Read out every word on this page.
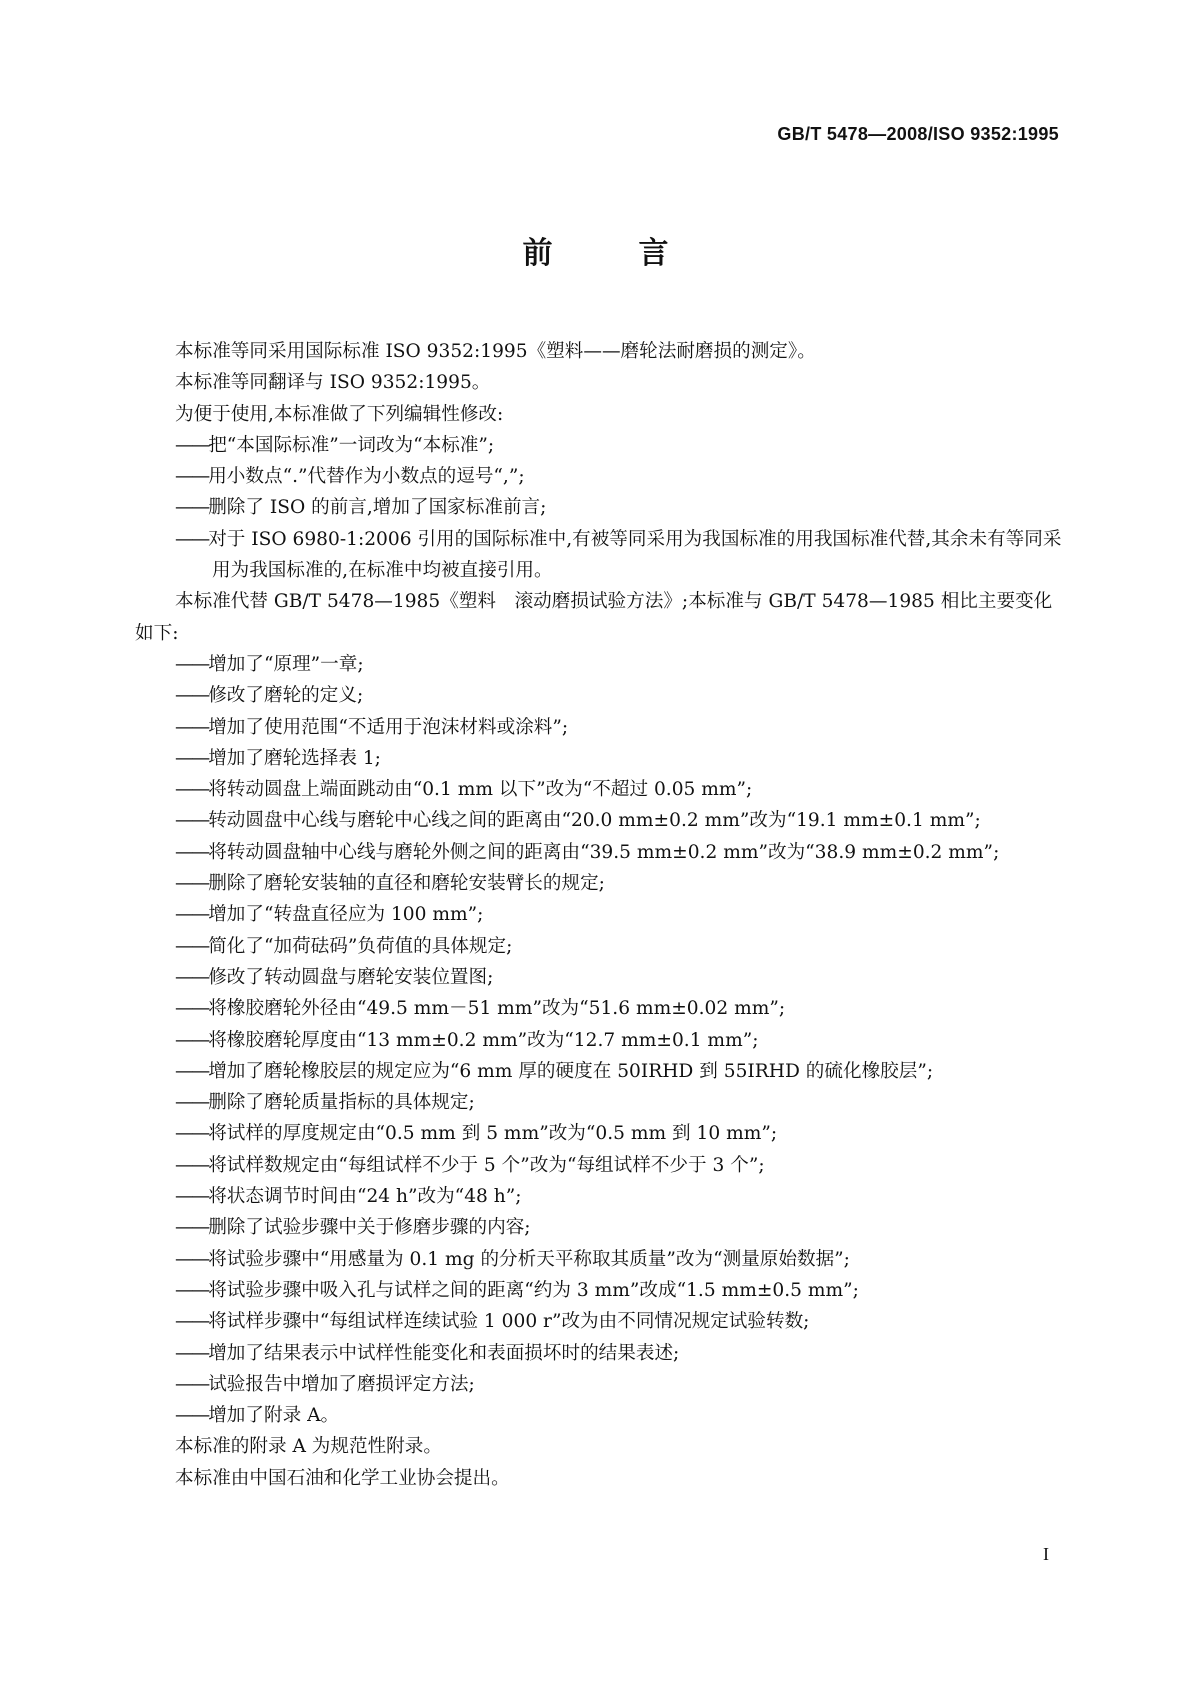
GB/T 5478—2008/ISO 9352:1995
前　言

本标准等同采用国际标准 ISO 9352:1995《塑料——磨轮法耐磨损的测定》。

本标准等同翻译与 ISO 9352:1995。

为便于使用,本标准做了下列编辑性修改:

——把“本国际标准”一词改为“本标准”;

——用小数点“.”代替作为小数点的逗号“,”;

——删除了 ISO 的前言,增加了国家标准前言;

——对于 ISO 6980-1:2006 引用的国际标准中,有被等同采用为我国标准的用我国标准代替,其余未有等同采用为我国标准的,在标准中均被直接引用。

本标准代替 GB/T 5478—1985《塑料　滚动磨损试验方法》;本标准与 GB/T 5478—1985 相比主要变化如下:

——增加了“原理”一章;

——修改了磨轮的定义;

——增加了使用范围“不适用于泡沫材料或涂料”;

——增加了磨轮选择表 1;

——将转动圆盘上端面跳动由“0.1 mm 以下”改为“不超过 0.05 mm”;

——转动圆盘中心线与磨轮中心线之间的距离由“20.0 mm±0.2 mm”改为“19.1 mm±0.1 mm”;

——将转动圆盘轴中心线与磨轮外侧之间的距离由“39.5 mm±0.2 mm”改为“38.9 mm±0.2 mm”;

——删除了磨轮安装轴的直径和磨轮安装臂长的规定;

——增加了“转盘直径应为 100 mm”;

——简化了“加荷砝码”负荷值的具体规定;

——修改了转动圆盘与磨轮安装位置图;

——将橡胶磨轮外径由“49.5 mm－51 mm”改为“51.6 mm±0.02 mm”;

——将橡胶磨轮厚度由“13 mm±0.2 mm”改为“12.7 mm±0.1 mm”;

——增加了磨轮橡胶层的规定应为“6 mm 厚的硬度在 50IRHD 到 55IRHD 的硫化橡胶层”;

——删除了磨轮质量指标的具体规定;

——将试样的厚度规定由“0.5 mm 到 5 mm”改为“0.5 mm 到 10 mm”;

——将试样数规定由“每组试样不少于 5 个”改为“每组试样不少于 3 个”;

——将状态调节时间由“24 h”改为“48 h”;

——删除了试验步骤中关于修磨步骤的内容;

——将试验步骤中“用感量为 0.1 mg 的分析天平称取其质量”改为“测量原始数据”;

——将试验步骤中吸入孔与试样之间的距离“约为 3 mm”改成“1.5 mm±0.5 mm”;

——将试样步骤中“每组试样连续试验 1 000 r”改为由不同情况规定试验转数;

——增加了结果表示中试样性能变化和表面损坏时的结果表述;

——试验报告中增加了磨损评定方法;

——增加了附录 A。

本标准的附录 A 为规范性附录。

本标准由中国石油和化学工业协会提出。

I
